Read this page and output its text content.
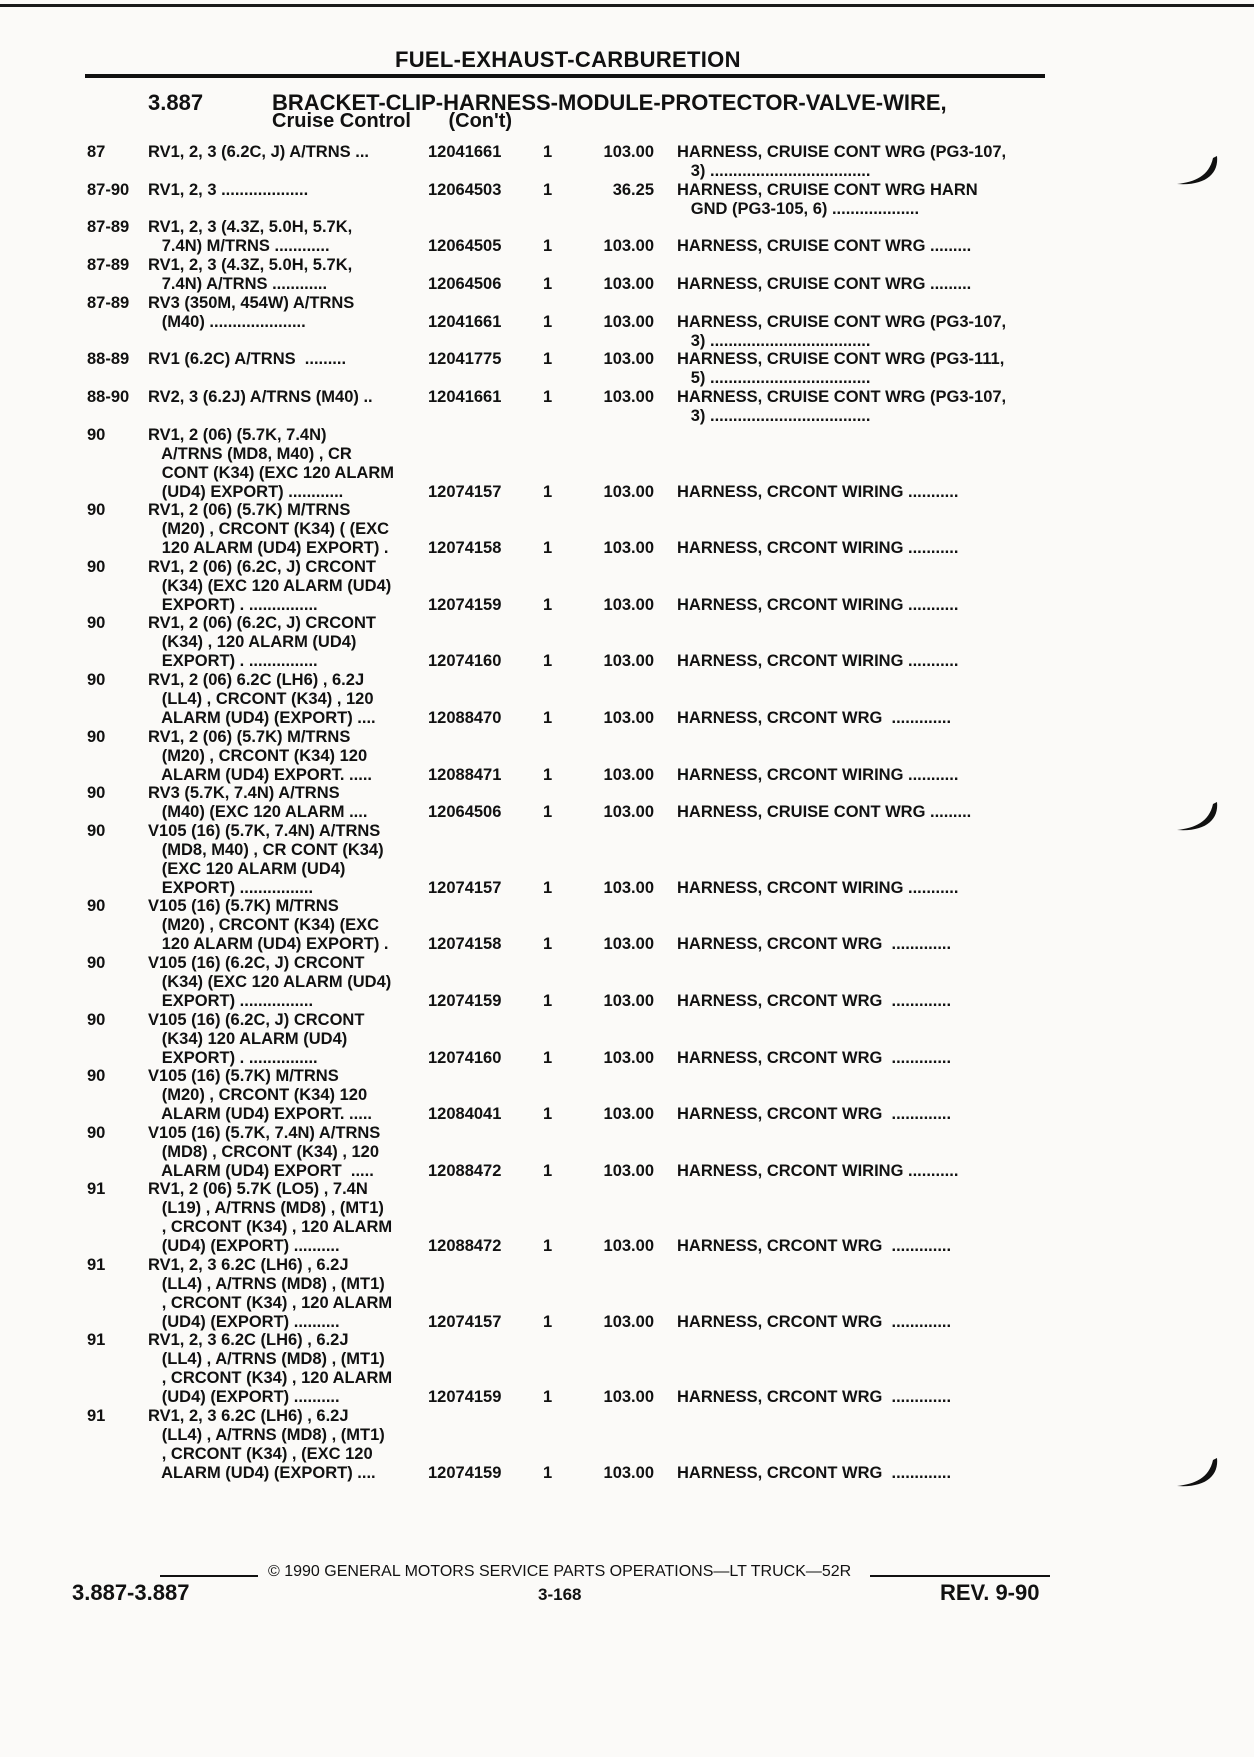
FUEL-EXHAUST-CARBURETION
3.887	BRACKET-CLIP-HARNESS-MODULE-PROTECTOR-VALVE-WIRE,
Cruise Control (Con't)
87	RV1, 2, 3 (6.2C, J) A/TRNS ...	12041661	1	103.00 HARNESS, CRUISE CONT WRG (PG3-107,
3) ...................................
87-90	RV1, 2, 3 ...................	12064503	1	36.25 HARNESS, CRUISE CONT WRG HARN
GND (PG3-105, 6) ...................
87-89	RV1, 2, 3 (4.3Z, 5.0H, 5.7K,
7.4N) M/TRNS ............	12064505	1	103.00 HARNESS, CRUISE CONT WRG .........
87-89	RV1, 2, 3 (4.3Z, 5.0H, 5.7K,
7.4N) A/TRNS ............	12064506	1	103.00 HARNESS, CRUISE CONT WRG .........
87-89	RV3 (350M, 454W) A/TRNS
(M40) .....................	12041661	1	103.00 HARNESS, CRUISE CONT WRG (PG3-107,
3) ...................................
88-89	RV1 (6.2C) A/TRNS  .........	12041775	1	103.00 HARNESS, CRUISE CONT WRG (PG3-111,
5) ...................................
88-90	RV2, 3 (6.2J) A/TRNS (M40) ..	12041661	1	103.00 HARNESS, CRUISE CONT WRG (PG3-107,
3) ...................................
90	RV1, 2 (06) (5.7K, 7.4N)
A/TRNS (MD8, M40) , CR
CONT (K34) (EXC 120 ALARM
(UD4) EXPORT) ............	12074157	1	103.00 HARNESS, CRCONT WIRING ...........
90	RV1, 2 (06) (5.7K) M/TRNS
(M20) , CRCONT (K34) ( (EXC
120 ALARM (UD4) EXPORT) .	12074158	1	103.00 HARNESS, CRCONT WIRING ...........
90	RV1, 2 (06) (6.2C, J) CRCONT
(K34) (EXC 120 ALARM (UD4)
EXPORT) . ...............	12074159	1	103.00 HARNESS, CRCONT WIRING ...........
90	RV1, 2 (06) (6.2C, J) CRCONT
(K34) , 120 ALARM (UD4)
EXPORT) . ...............	12074160	1	103.00 HARNESS, CRCONT WIRING ...........
90	RV1, 2 (06) 6.2C (LH6) , 6.2J
(LL4) , CRCONT (K34) , 120
ALARM (UD4) (EXPORT) ....	12088470	1	103.00 HARNESS, CRCONT WRG  .............
90	RV1, 2 (06) (5.7K) M/TRNS
(M20) , CRCONT (K34) 120
ALARM (UD4) EXPORT. .....	12088471	1	103.00 HARNESS, CRCONT WIRING ...........
90	RV3 (5.7K, 7.4N) A/TRNS
(M40) (EXC 120 ALARM ....	12064506	1	103.00 HARNESS, CRUISE CONT WRG .........
90	V105 (16) (5.7K, 7.4N) A/TRNS
(MD8, M40) , CR CONT (K34)
(EXC 120 ALARM (UD4)
EXPORT) ................	12074157	1	103.00 HARNESS, CRCONT WIRING ...........
90	V105 (16) (5.7K) M/TRNS
(M20) , CRCONT (K34) (EXC
120 ALARM (UD4) EXPORT) .	12074158	1	103.00 HARNESS, CRCONT WRG  .............
90	V105 (16) (6.2C, J) CRCONT
(K34) (EXC 120 ALARM (UD4)
EXPORT) ................	12074159	1	103.00 HARNESS, CRCONT WRG  .............
90	V105 (16) (6.2C, J) CRCONT
(K34) 120 ALARM (UD4)
EXPORT) . ...............	12074160	1	103.00 HARNESS, CRCONT WRG  .............
90	V105 (16) (5.7K) M/TRNS
(M20) , CRCONT (K34) 120
ALARM (UD4) EXPORT. .....	12084041	1	103.00 HARNESS, CRCONT WRG  .............
90	V105 (16) (5.7K, 7.4N) A/TRNS
(MD8) , CRCONT (K34) , 120
ALARM (UD4) EXPORT  .....	12088472	1	103.00 HARNESS, CRCONT WIRING ...........
91	RV1, 2 (06) 5.7K (LO5) , 7.4N
(L19) , A/TRNS (MD8) , (MT1)
, CRCONT (K34) , 120 ALARM
(UD4) (EXPORT) ..........	12088472	1	103.00 HARNESS, CRCONT WRG  .............
91	RV1, 2, 3 6.2C (LH6) , 6.2J
(LL4) , A/TRNS (MD8) , (MT1)
, CRCONT (K34) , 120 ALARM
(UD4) (EXPORT) ..........	12074157	1	103.00 HARNESS, CRCONT WRG  .............
91	RV1, 2, 3 6.2C (LH6) , 6.2J
(LL4) , A/TRNS (MD8) , (MT1)
, CRCONT (K34) , 120 ALARM
(UD4) (EXPORT) ..........	12074159	1	103.00 HARNESS, CRCONT WRG  .............
91	RV1, 2, 3 6.2C (LH6) , 6.2J
(LL4) , A/TRNS (MD8) , (MT1)
, CRCONT (K34) , (EXC 120
ALARM (UD4) (EXPORT) ....	12074159	1	103.00 HARNESS, CRCONT WRG  .............
© 1990 GENERAL MOTORS SERVICE PARTS OPERATIONS—LT TRUCK—52R
3.887-3.887	3-168	REV. 9-90
